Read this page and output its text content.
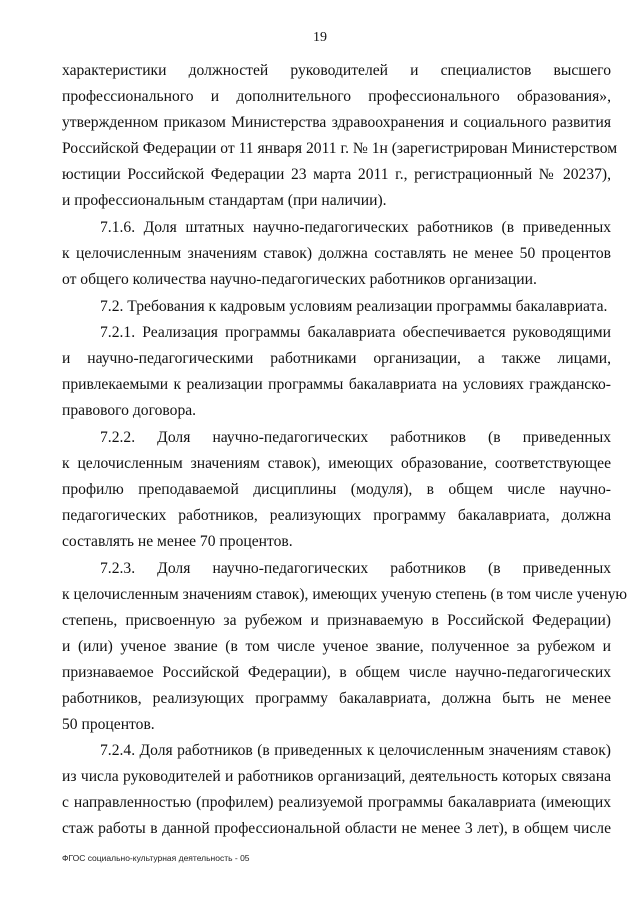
19
характеристики должностей руководителей и специалистов высшего
профессионального и дополнительного профессионального образования»,
утвержденном приказом Министерства здравоохранения и социального развития
Российской Федерации от 11 января 2011 г. № 1н (зарегистрирован Министерством
юстиции Российской Федерации 23 марта 2011 г., регистрационный № 20237),
и профессиональным стандартам (при наличии).
7.1.6. Доля штатных научно-педагогических работников (в приведенных
к целочисленным значениям ставок) должна составлять не менее 50 процентов
от общего количества научно-педагогических работников организации.
7.2. Требования к кадровым условиям реализации программы бакалавриата.
7.2.1. Реализация программы бакалавриата обеспечивается руководящими
и научно-педагогическими работниками организации, а также лицами,
привлекаемыми к реализации программы бакалавриата на условиях гражданско-
правового договора.
7.2.2. Доля научно-педагогических работников (в приведенных
к целочисленным значениям ставок), имеющих образование, соответствующее
профилю преподаваемой дисциплины (модуля), в общем числе научно-
педагогических работников, реализующих программу бакалавриата, должна
составлять не менее 70 процентов.
7.2.3. Доля научно-педагогических работников (в приведенных
к целочисленным значениям ставок), имеющих ученую степень (в том числе ученую
степень, присвоенную за рубежом и признаваемую в Российской Федерации)
и (или) ученое звание (в том числе ученое звание, полученное за рубежом и
признаваемое Российской Федерации), в общем числе научно-педагогических
работников, реализующих программу бакалавриата, должна быть не менее
50 процентов.
7.2.4. Доля работников (в приведенных к целочисленным значениям ставок)
из числа руководителей и работников организаций, деятельность которых связана
с направленностью (профилем) реализуемой программы бакалавриата (имеющих
стаж работы в данной профессиональной области не менее 3 лет), в общем числе
ФГОС социально-культурная деятельность - 05
